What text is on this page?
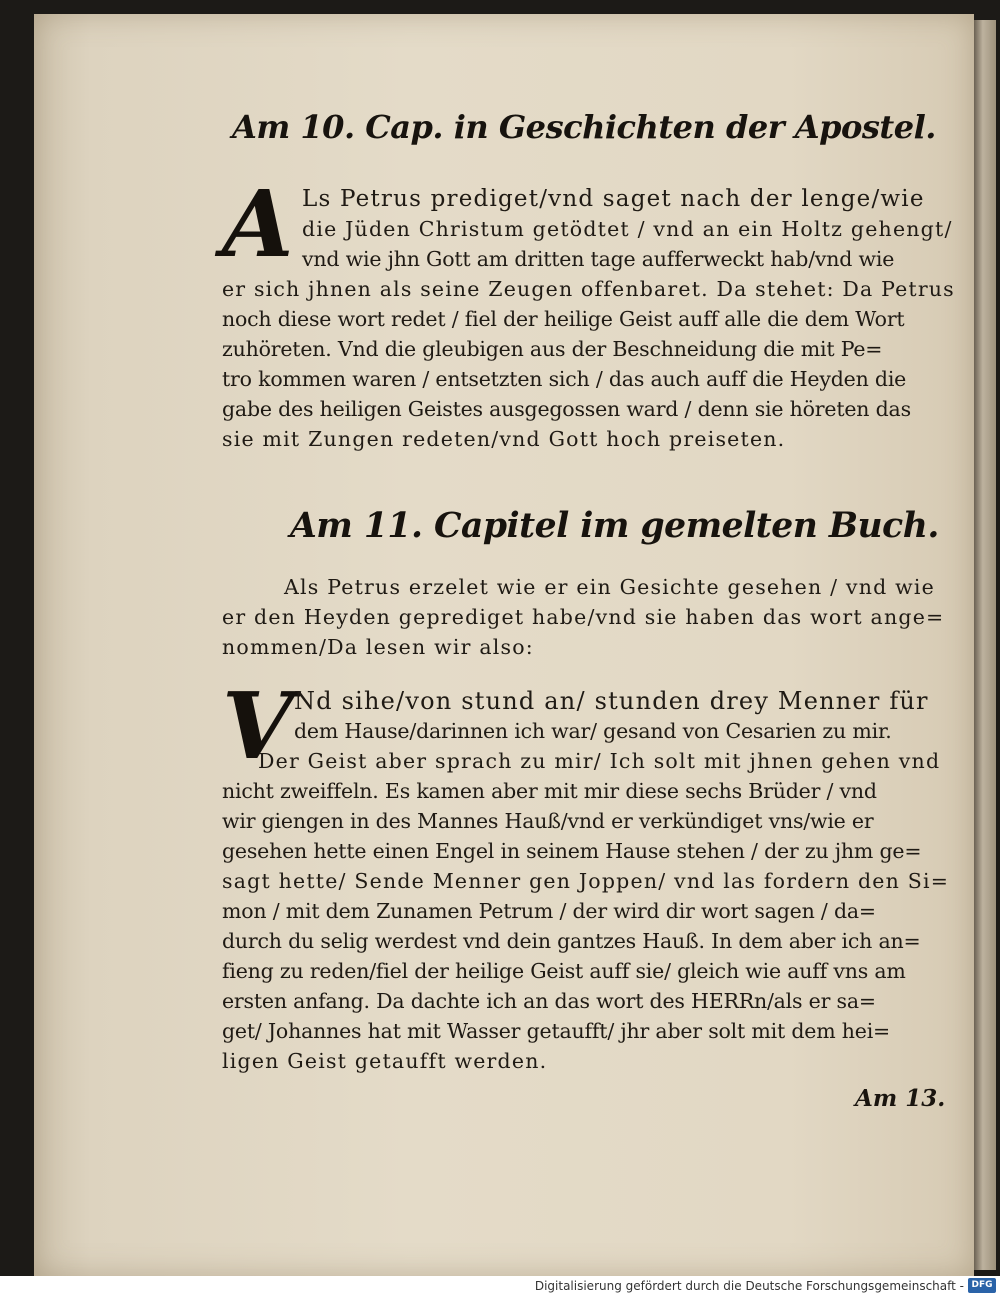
Am 10. Cap. in Geschichten der Apostel.
A Ls Petrus prediget/vnd saget nach der lenge/wie
die Jüden Christum getödtet / vnd an ein Holtz gehengt/
vnd wie jhn Gott am dritten tage aufferweckt hab/vnd wie
er sich jhnen als seine Zeugen offenbaret. Da stehet: Da Petrus
noch diese wort redet / fiel der heilige Geist auff alle die dem Wort
zuhöreten. Vnd die gleubigen aus der Beschneidung die mit Pe=
tro kommen waren / entsetzten sich / das auch auff die Heyden die
gabe des heiligen Geistes ausgegossen ward / denn sie höreten das
sie mit Zungen redeten/vnd Gott hoch preiseten.
Am 11. Capitel im gemelten Buch.
Als Petrus erzelet wie er ein Gesichte gesehen / vnd wie
er den Heyden geprediget habe/vnd sie haben das wort ange=
nommen/Da lesen wir also:
V Nd sihe/von stund an/ stunden drey Menner für
dem Hause/darinnen ich war/ gesand von Cesarien zu mir.
Der Geist aber sprach zu mir/ Ich solt mit jhnen gehen vnd
nicht zweiffeln. Es kamen aber mit mir diese sechs Brüder / vnd
wir giengen in des Mannes Hauß/vnd er verkündiget vns/wie er
gesehen hette einen Engel in seinem Hause stehen / der zu jhm ge=
sagt hette/ Sende Menner gen Joppen/ vnd las fordern den Si=
mon / mit dem Zunamen Petrum / der wird dir wort sagen / da=
durch du selig werdest vnd dein gantzes Hauß. In dem aber ich an=
fieng zu reden/fiel der heilige Geist auff sie/ gleich wie auff vns am
ersten anfang. Da dachte ich an das wort des HERRn/als er sa=
get/ Johannes hat mit Wasser getaufft/ jhr aber solt mit dem hei=
ligen Geist getaufft werden.
Am 13.
Digitalisierung gefördert durch die Deutsche Forschungsgemeinschaft - DFG
